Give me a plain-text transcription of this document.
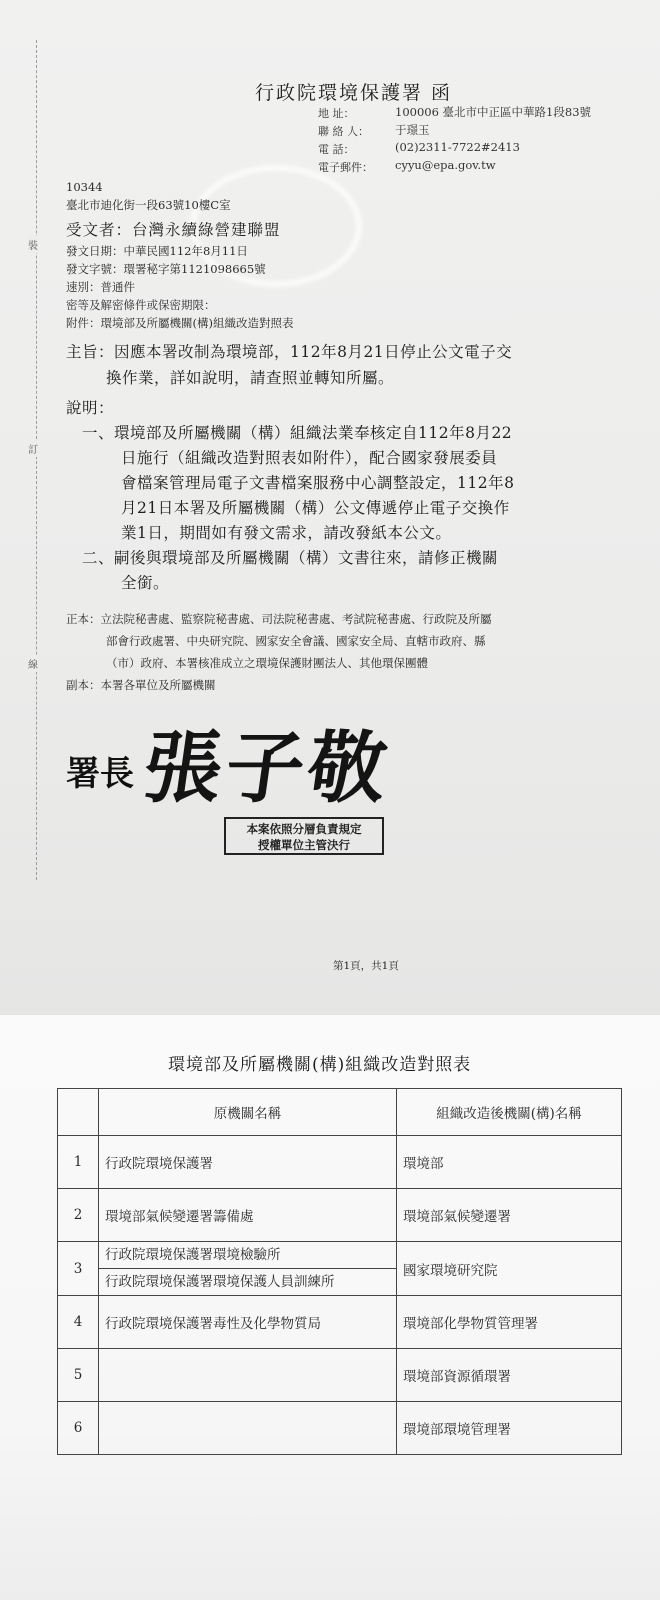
裝
訂
線
行政院環境保護署 函
地 址：	100006 臺北市中正區中華路1段83號
聯 絡 人： 于璟玉
電 話：	(02)2311-7722#2413
電子郵件： cyyu@epa.gov.tw
10344
臺北市迪化街一段63號10樓C室
受文者：台灣永續綠營建聯盟
發文日期：中華民國112年8月11日
發文字號：環署秘字第1121098665號
速別：普通件
密等及解密條件或保密期限：
附件：環境部及所屬機關(構)組織改造對照表
主旨：因應本署改制為環境部，112年8月21日停止公文電子交
換作業，詳如說明，請查照並轉知所屬。
說明：
一、環境部及所屬機關（構）組織法業奉核定自112年8月22
日施行（組織改造對照表如附件），配合國家發展委員
會檔案管理局電子文書檔案服務中心調整設定，112年8
月21日本署及所屬機關（構）公文傳遞停止電子交換作
業1日，期間如有發文需求，請改發紙本公文。
二、嗣後與環境部及所屬機關（構）文書往來，請修正機關
全銜。
正本：立法院秘書處、監察院秘書處、司法院秘書處、考試院秘書處、行政院及所屬
部會行政處署、中央研究院、國家安全會議、國家安全局、直轄市政府、縣
（市）政府、本署核准成立之環境保護財團法人、其他環保團體
副本：本署各單位及所屬機關
署長 張子敬
本案依照分層負責規定
授權單位主管決行
第1頁，共1頁
環境部及所屬機關(構)組織改造對照表
	原機關名稱	組織改造後機關(構)名稱
1	行政院環境保護署	環境部
2	環境部氣候變遷署籌備處	環境部氣候變遷署
3	行政院環境保護署環境檢驗所
行政院環境保護署環境保護人員訓練所	國家環境研究院
4	行政院環境保護署毒性及化學物質局	環境部化學物質管理署
5		環境部資源循環署
6		環境部環境管理署
